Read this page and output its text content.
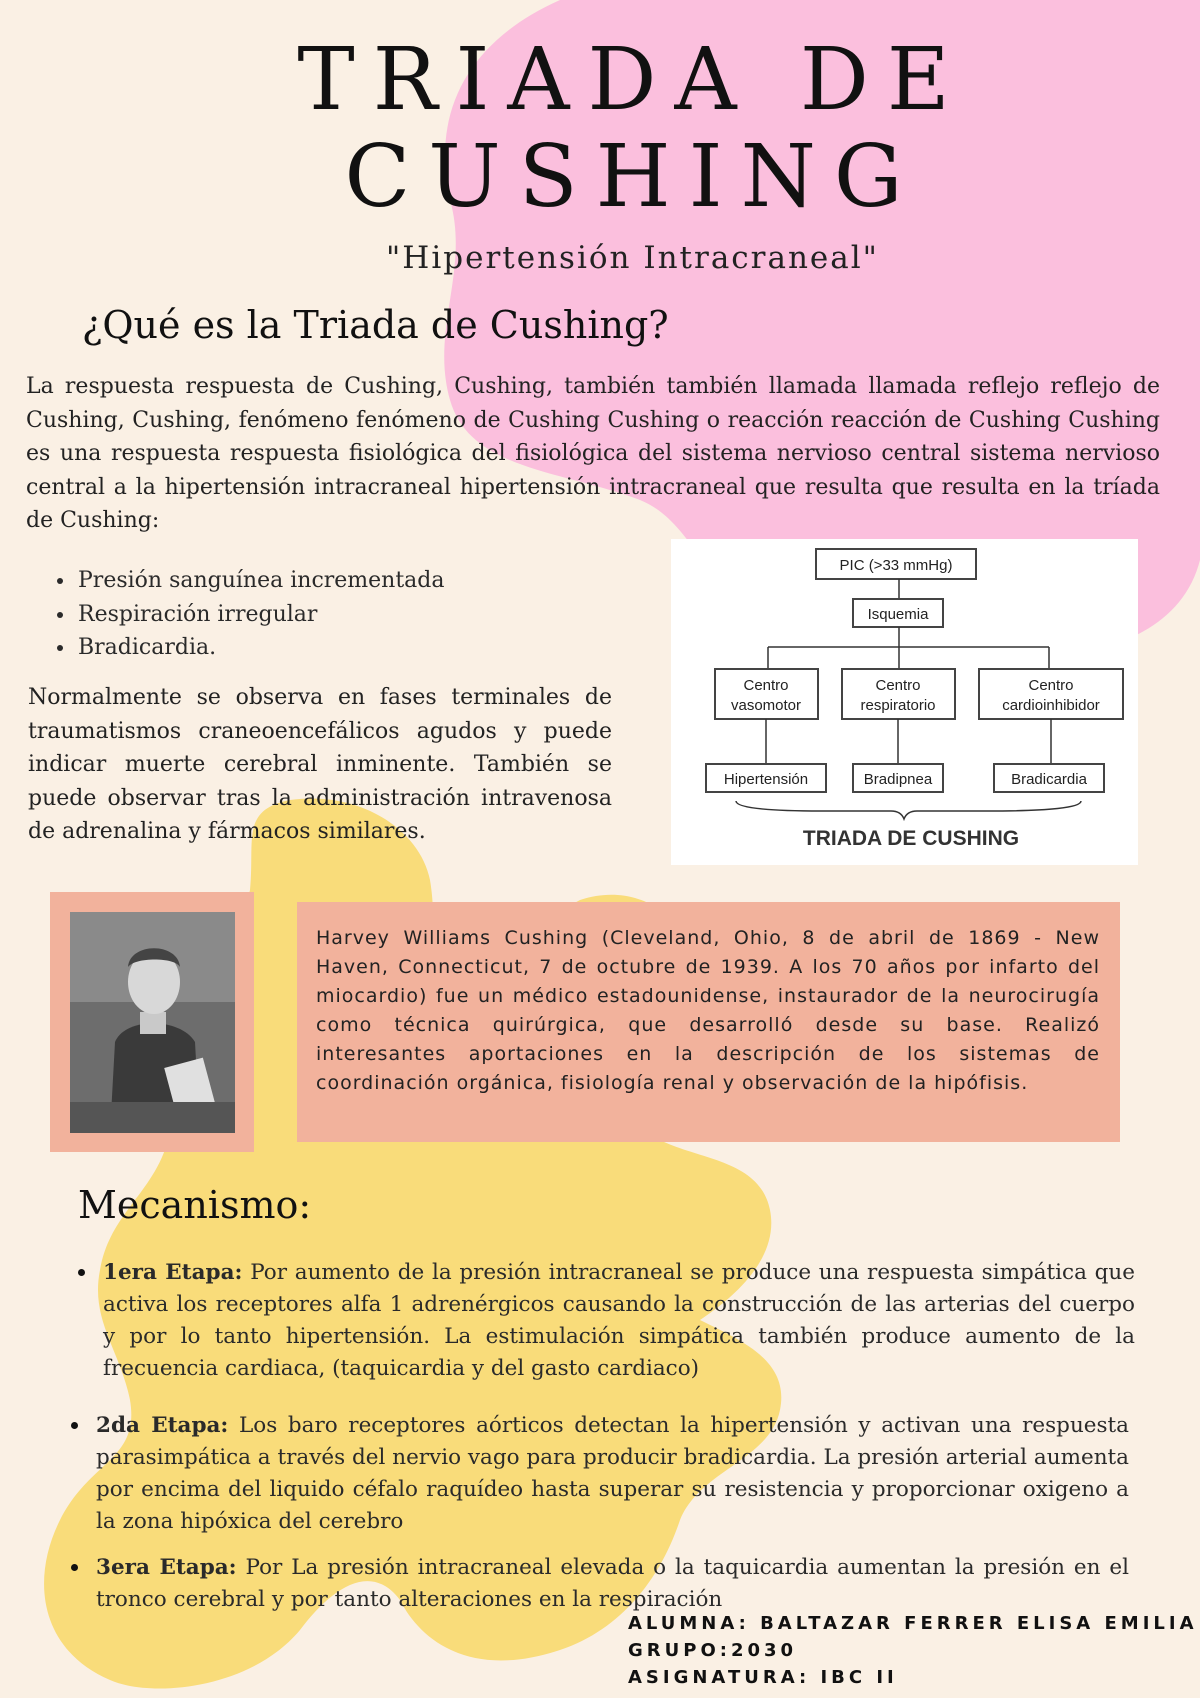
TRIADA DE
CUSHING
"Hipertensión Intracraneal"
¿Qué es la Triada de Cushing?
La respuesta respuesta de Cushing, Cushing, también también llamada llamada reflejo reflejo de Cushing, Cushing, fenómeno fenómeno de Cushing Cushing o reacción reacción de Cushing Cushing es una respuesta respuesta fisiológica del fisiológica del sistema nervioso central sistema nervioso central a la hipertensión intracraneal hipertensión intracraneal que resulta que resulta en la tríada de Cushing:
• Presión sanguínea incrementada
• Respiración irregular
• Bradicardia.
Normalmente se observa en fases terminales de traumatismos craneoencefálicos agudos y puede indicar muerte cerebral inminente. También se puede observar tras la administración intravenosa de adrenalina y fármacos similares.
PIC (>33 mmHg)
Isquemia
Centro
vasomotor
Centro
respiratorio
Centro
cardioinhibidor
Hipertensión	Bradipnea	Bradicardia
TRIADA DE CUSHING
Harvey Williams Cushing (Cleveland, Ohio, 8 de abril de 1869 - New Haven, Connecticut, 7 de octubre de 1939. A los 70 años por infarto del miocardio) fue un médico estadounidense, instaurador de la neurocirugía como técnica quirúrgica, que desarrolló desde su base. Realizó interesantes aportaciones en la descripción de los sistemas de coordinación orgánica, fisiología renal y observación de la hipófisis.
Mecanismo:
1era Etapa: Por aumento de la presión intracraneal se produce una respuesta simpática que activa los receptores alfa 1 adrenérgicos causando la construcción de las arterias del cuerpo y por lo tanto hipertensión. La estimulación simpática también produce aumento de la frecuencia cardiaca, (taquicardia y del gasto cardiaco)
2da Etapa: Los baro receptores aórticos detectan la hipertensión y activan una respuesta parasimpática a través del nervio vago para producir bradicardia. La presión arterial aumenta por encima del liquido céfalo raquídeo hasta superar su resistencia y proporcionar oxigeno a la zona hipóxica del cerebro
3era Etapa: Por La presión intracraneal elevada o la taquicardia aumentan la presión en el tronco cerebral y por tanto alteraciones en la respiración
ALUMNA: BALTAZAR FERRER ELISA EMILIA
GRUPO:2030
ASIGNATURA: IBC II
